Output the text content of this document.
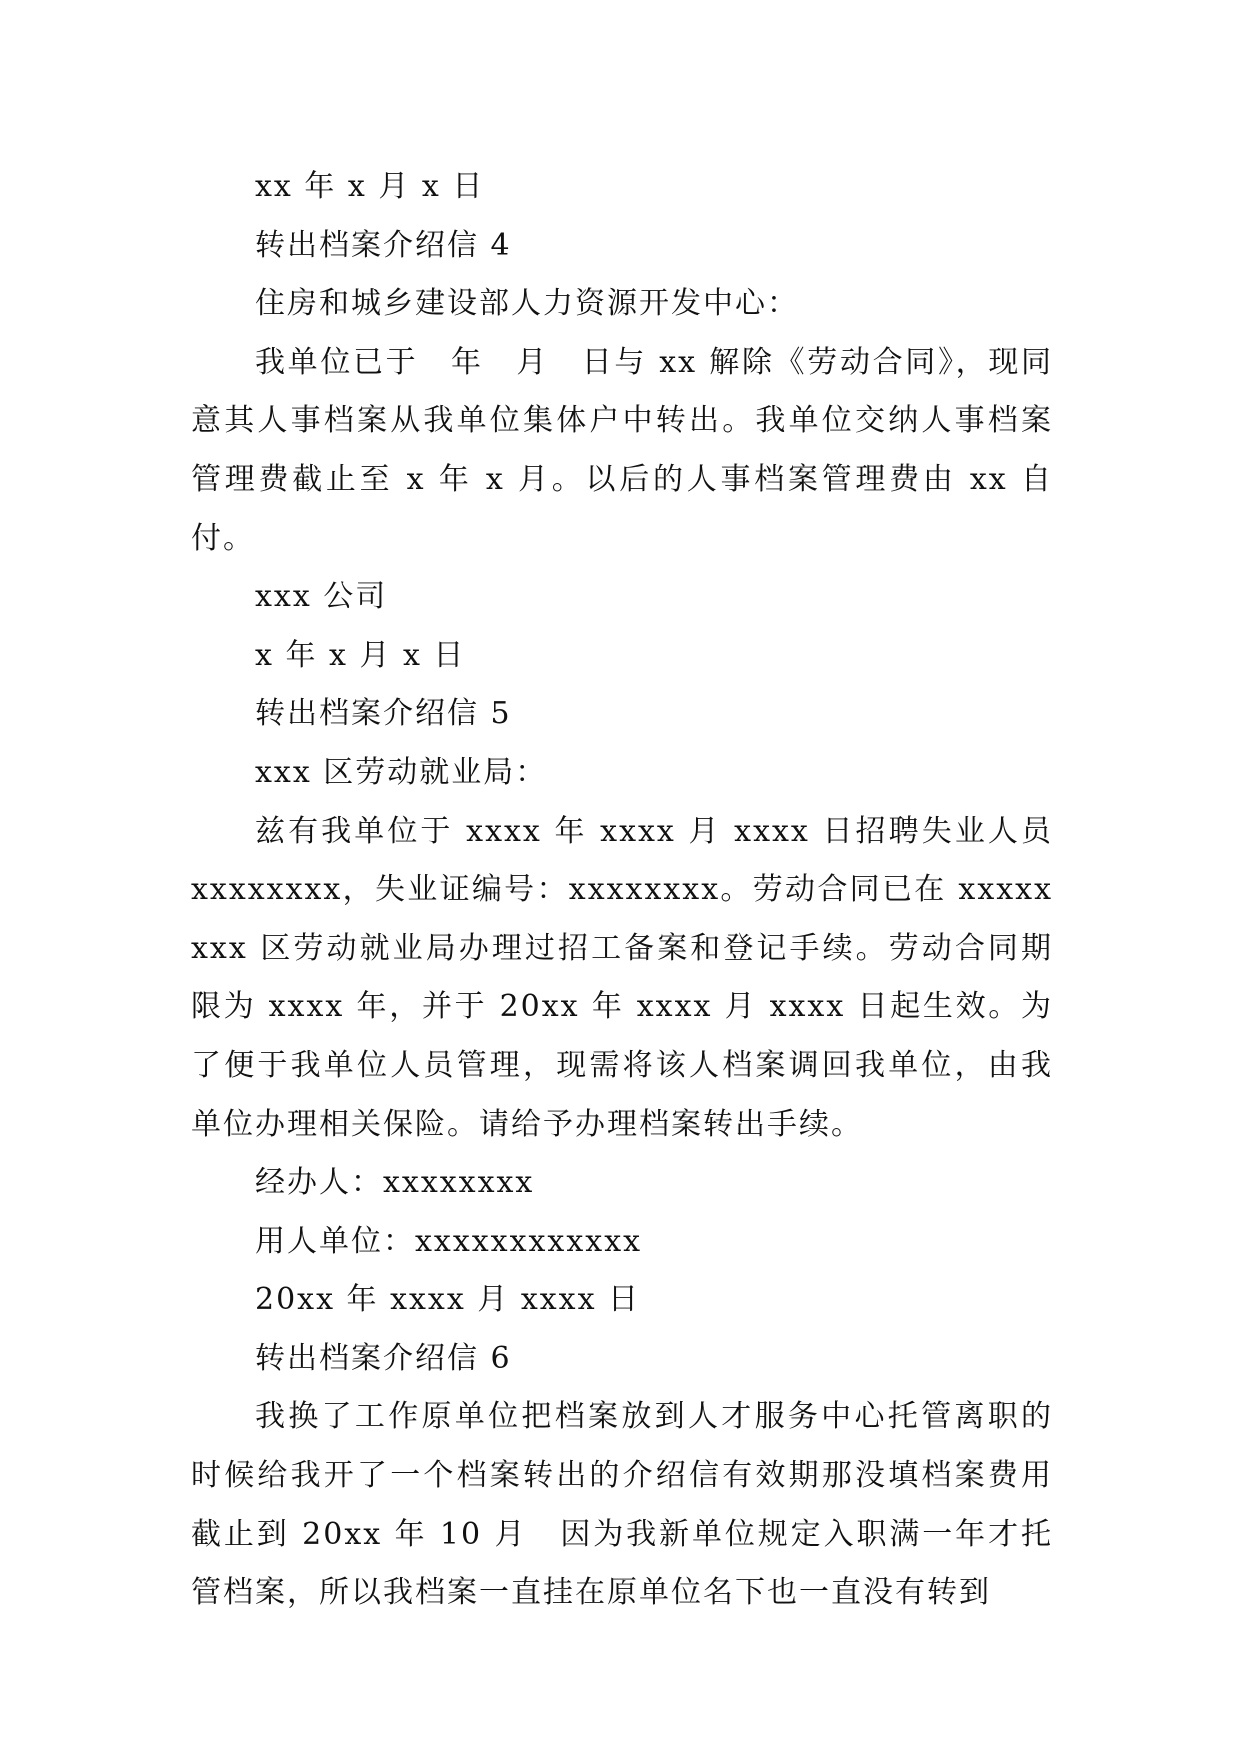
xx 年 x 月 x 日

转出档案介绍信 4

住房和城乡建设部人力资源开发中心：

我单位已于　年　月　日与 xx 解除《劳动合同》，现同意其人事档案从我单位集体户中转出。我单位交纳人事档案管理费截止至 x 年 x 月。以后的人事档案管理费由 xx 自付。

xxx 公司

x 年 x 月 x 日

转出档案介绍信 5

xxx 区劳动就业局：

兹有我单位于 xxxx 年 xxxx 月 xxxx 日招聘失业人员 xxxxxxxx，失业证编号：xxxxxxxx。劳动合同已在 xxxxxxxx 区劳动就业局办理过招工备案和登记手续。劳动合同期限为 xxxx 年，并于 20xx 年 xxxx 月 xxxx 日起生效。为了便于我单位人员管理，现需将该人档案调回我单位，由我单位办理相关保险。请给予办理档案转出手续。

经办人：xxxxxxxx

用人单位：xxxxxxxxxxxx

20xx 年 xxxx 月 xxxx 日

转出档案介绍信 6

我换了工作原单位把档案放到人才服务中心托管离职的时候给我开了一个档案转出的介绍信有效期那没填档案费用截止到 20xx 年 10 月　因为我新单位规定入职满一年才托管档案，所以我档案一直挂在原单位名下也一直没有转到
